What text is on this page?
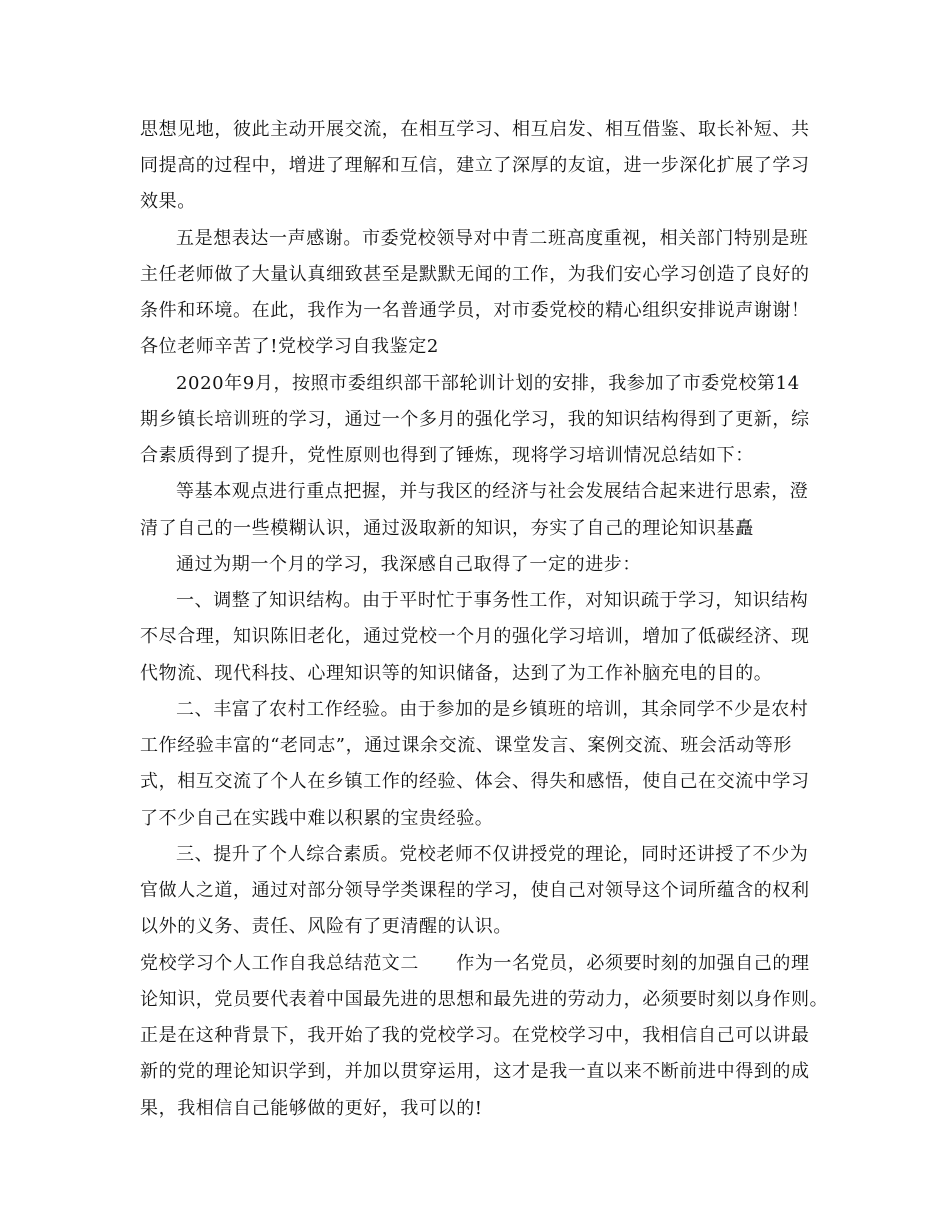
思想见地，彼此主动开展交流，在相互学习、相互启发、相互借鉴、取长补短、共
同提高的过程中，增进了理解和互信，建立了深厚的友谊，进一步深化扩展了学习
效果。
五是想表达一声感谢。市委党校领导对中青二班高度重视，相关部门特别是班
主任老师做了大量认真细致甚至是默默无闻的工作，为我们安心学习创造了良好的
条件和环境。在此，我作为一名普通学员，对市委党校的精心组织安排说声谢谢！
各位老师辛苦了!党校学习自我鉴定2
2020年9月，按照市委组织部干部轮训计划的安排，我参加了市委党校第14
期乡镇长培训班的学习，通过一个多月的强化学习，我的知识结构得到了更新，综
合素质得到了提升，党性原则也得到了锤炼，现将学习培训情况总结如下：
等基本观点进行重点把握，并与我区的经济与社会发展结合起来进行思索，澄
清了自己的一些模糊认识，通过汲取新的知识，夯实了自己的理论知识基矗
通过为期一个月的学习，我深感自己取得了一定的进步：
一、调整了知识结构。由于平时忙于事务性工作，对知识疏于学习，知识结构
不尽合理，知识陈旧老化，通过党校一个月的强化学习培训，增加了低碳经济、现
代物流、现代科技、心理知识等的知识储备，达到了为工作补脑充电的目的。
二、丰富了农村工作经验。由于参加的是乡镇班的培训，其余同学不少是农村
工作经验丰富的“老同志”，通过课余交流、课堂发言、案例交流、班会活动等形
式，相互交流了个人在乡镇工作的经验、体会、得失和感悟，使自己在交流中学习
了不少自己在实践中难以积累的宝贵经验。
三、提升了个人综合素质。党校老师不仅讲授党的理论，同时还讲授了不少为
官做人之道，通过对部分领导学类课程的学习，使自己对领导这个词所蕴含的权利
以外的义务、责任、风险有了更清醒的认识。
党校学习个人工作自我总结范文二　　作为一名党员，必须要时刻的加强自己的理
论知识，党员要代表着中国最先进的思想和最先进的劳动力，必须要时刻以身作则。
正是在这种背景下，我开始了我的党校学习。在党校学习中，我相信自己可以讲最
新的党的理论知识学到，并加以贯穿运用，这才是我一直以来不断前进中得到的成
果，我相信自己能够做的更好，我可以的!
